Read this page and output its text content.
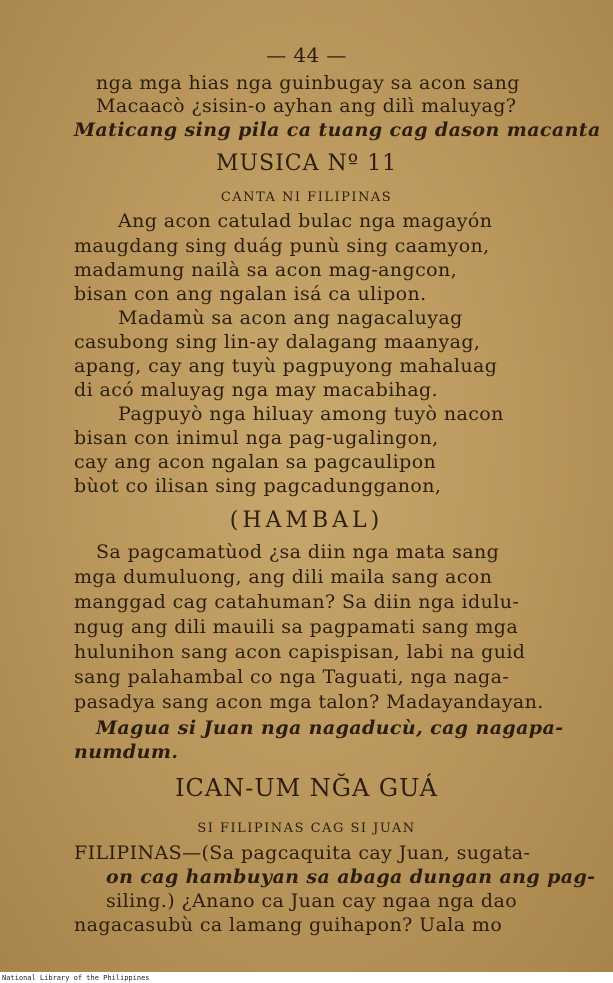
— 44 —
nga mga hias nga guinbugay sa acon sang
Macaacò ¿sisin-o ayhan ang dilì maluyag?
Maticang sing pila ca tuang cag dason macanta
MUSICA Nº 11
CANTA NI FILIPINAS
Ang acon catulad bulac nga magayón
maugdang sing duág punù sing caamyon,
madamung nailà sa acon mag-angcon,
bisan con ang ngalan isá ca ulipon.
Madamù sa acon ang nagacaluyag
casubong sing lin-ay dalagang maanyag,
apang, cay ang tuyù pagpuyong mahaluag
di acó maluyag nga may macabihag.
Pagpuyò nga hiluay among tuyò nacon
bisan con inimul nga pag-ugalingon,
cay ang acon ngalan sa pagcaulipon
bùot co ilisan sing pagcadungganon,
(HAMBAL)
Sa pagcamatùod ¿sa diin nga mata sang
mga dumuluong, ang dili maila sang acon
manggad cag catahuman? Sa diin nga idulu-
ngug ang dili mauili sa pagpamati sang mga
hulunihon sang acon capispisan, labi na guid
sang palahambal co nga Taguati, nga naga-
pasadya sang acon mga talon? Madayandayan.
Magua si Juan nga nagaducù, cag nagapa-
numdum.
ICAN-UM NĞA GUÁ
SI FILIPINAS CAG SI JUAN
FILIPINAS—(Sa pagcaquita cay Juan, sugata-
on cag hambuyan sa abaga dungan ang pag-
siling.) ¿Anano ca Juan cay ngaa nga dao
nagacasubù ca lamang guihapon? Uala mo
National Library of the Philippines
